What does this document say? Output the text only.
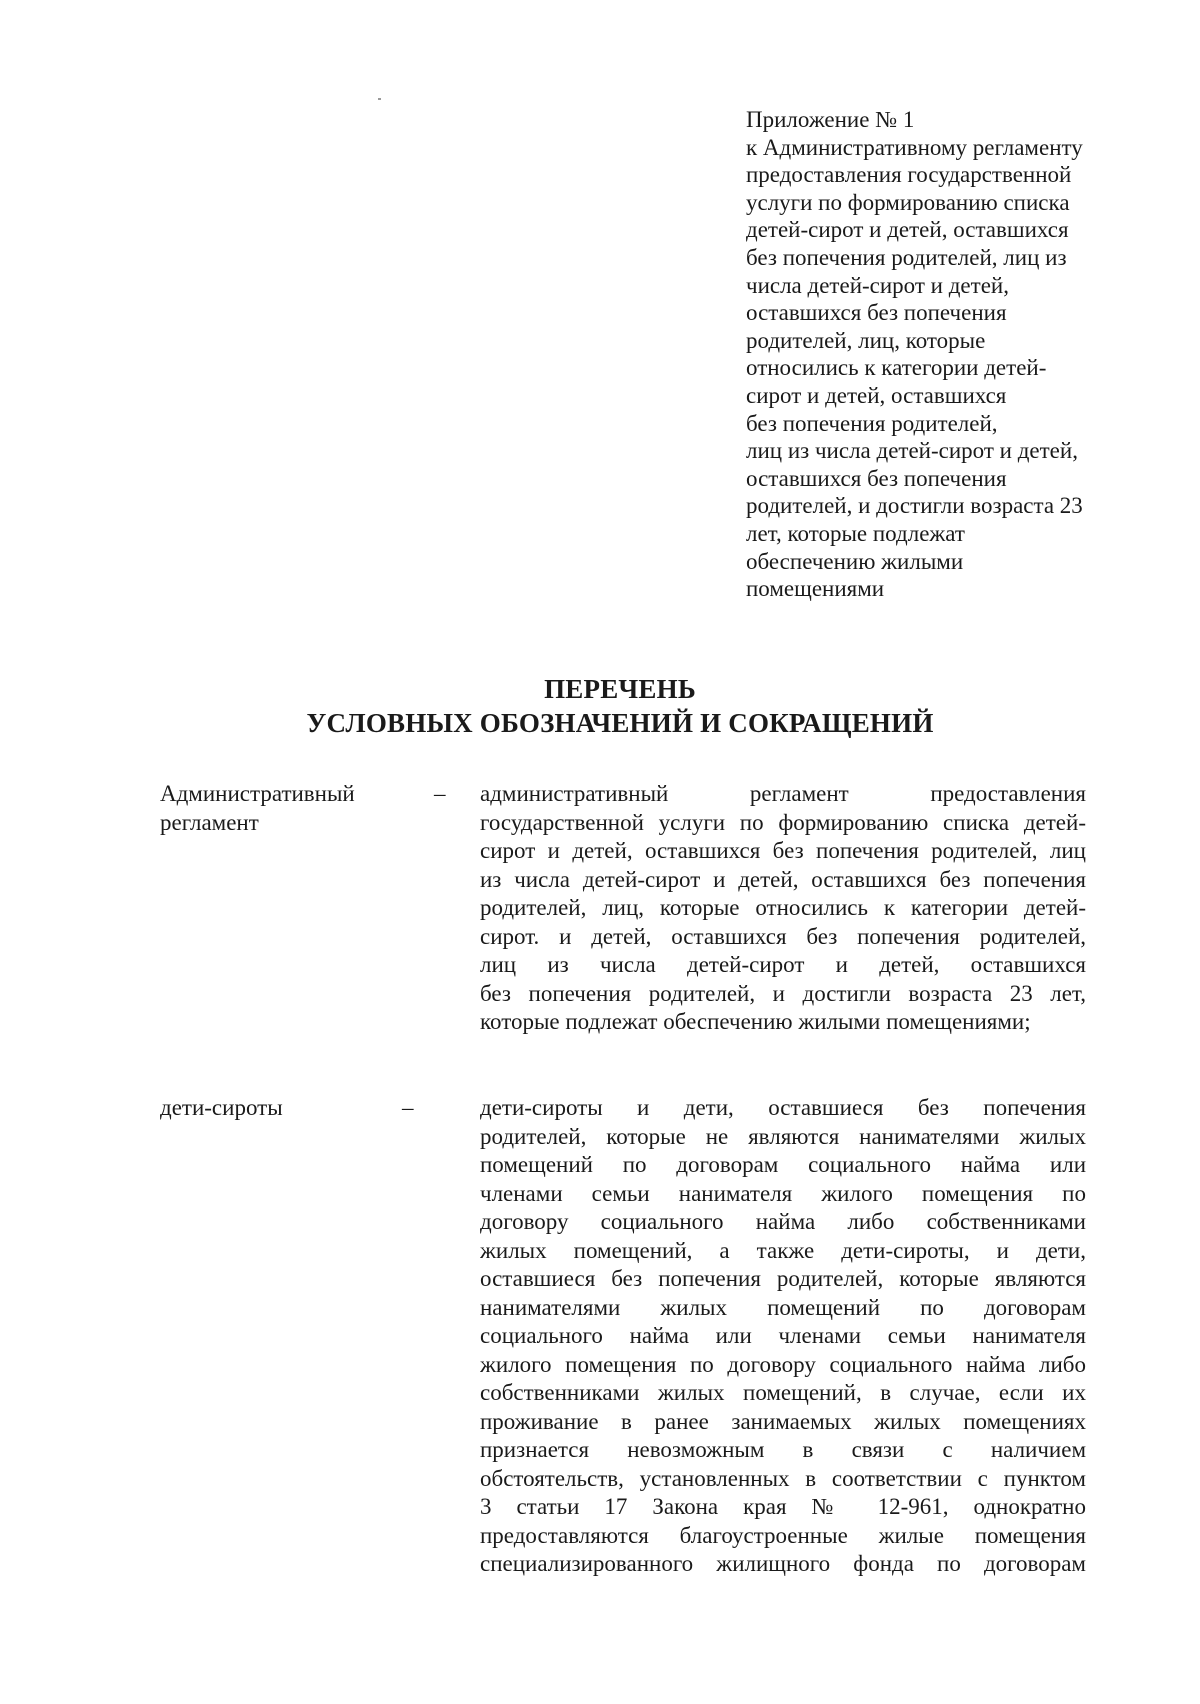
Приложение № 1
к Административному регламенту
предоставления государственной
услуги по формированию списка
детей-сирот и детей, оставшихся
без попечения родителей, лиц из
числа детей-сирот и детей,
оставшихся без попечения
родителей, лиц, которые
относились к категории детей-
сирот и детей, оставшихся
без попечения родителей,
лиц из числа детей-сирот и детей,
оставшихся без попечения
родителей, и достигли возраста 23
лет, которые подлежат
обеспечению жилыми
помещениями
ПЕРЕЧЕНЬ
УСЛОВНЫХ ОБОЗНАЧЕНИЙ И СОКРАЩЕНИЙ
Административный
регламент
– административный регламент предоставления
государственной услуги по формированию списка детей-
сирот и детей, оставшихся без попечения родителей, лиц
из числа детей-сирот и детей, оставшихся без попечения
родителей, лиц, которые относились к категории детей-
сирот. и детей, оставшихся без попечения родителей,
лиц из числа детей-сирот и детей, оставшихся
без попечения родителей, и достигли возраста 23 лет,
которые подлежат обеспечению жилыми помещениями;
дети-сироты	–	дети-сироты и дети, оставшиеся без попечения
родителей, которые не являются нанимателями жилых
помещений по договорам социального найма или
членами семьи нанимателя жилого помещения по
договору социального найма либо собственниками
жилых помещений, а также дети-сироты, и дети,
оставшиеся без попечения родителей, которые являются
нанимателями жилых помещений по договорам
социального найма или членами семьи нанимателя
жилого помещения по договору социального найма либо
собственниками жилых помещений, в случае, если их
проживание в ранее занимаемых жилых помещениях
признается невозможным в связи с наличием
обстоятельств, установленных в соответствии с пунктом
3 статьи 17 Закона края № 12-961, однократно
предоставляются благоустроенные жилые помещения
специализированного жилищного фонда по договорам
